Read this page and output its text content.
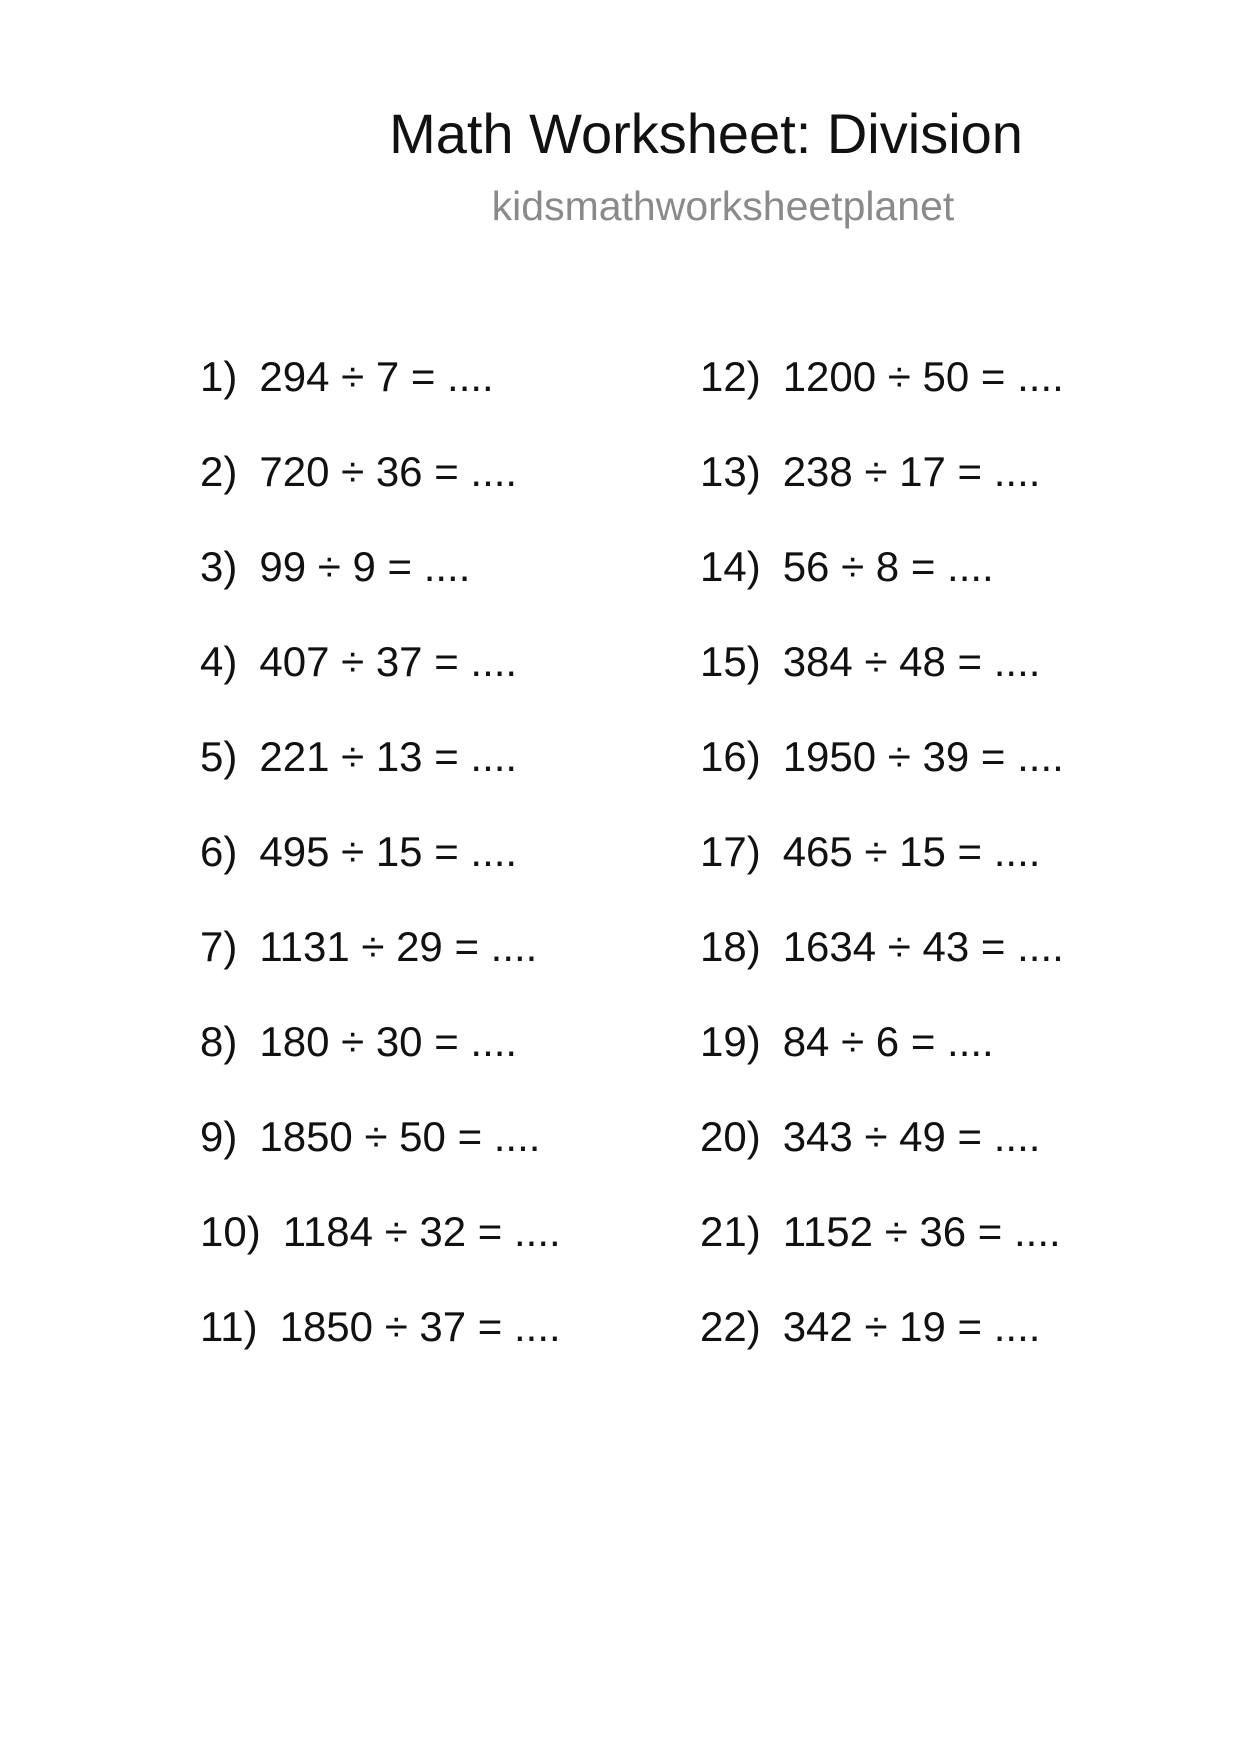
Math Worksheet: Division
kidsmathworksheetplanet
1) 294 ÷ 7 = ....
2) 720 ÷ 36 = ....
3) 99 ÷ 9 = ....
4) 407 ÷ 37 = ....
5) 221 ÷ 13 = ....
6) 495 ÷ 15 = ....
7) 1131 ÷ 29 = ....
8) 180 ÷ 30 = ....
9) 1850 ÷ 50 = ....
10) 1184 ÷ 32 = ....
11) 1850 ÷ 37 = ....
12) 1200 ÷ 50 = ....
13) 238 ÷ 17 = ....
14) 56 ÷ 8 = ....
15) 384 ÷ 48 = ....
16) 1950 ÷ 39 = ....
17) 465 ÷ 15 = ....
18) 1634 ÷ 43 = ....
19) 84 ÷ 6 = ....
20) 343 ÷ 49 = ....
21) 1152 ÷ 36 = ....
22) 342 ÷ 19 = ....
